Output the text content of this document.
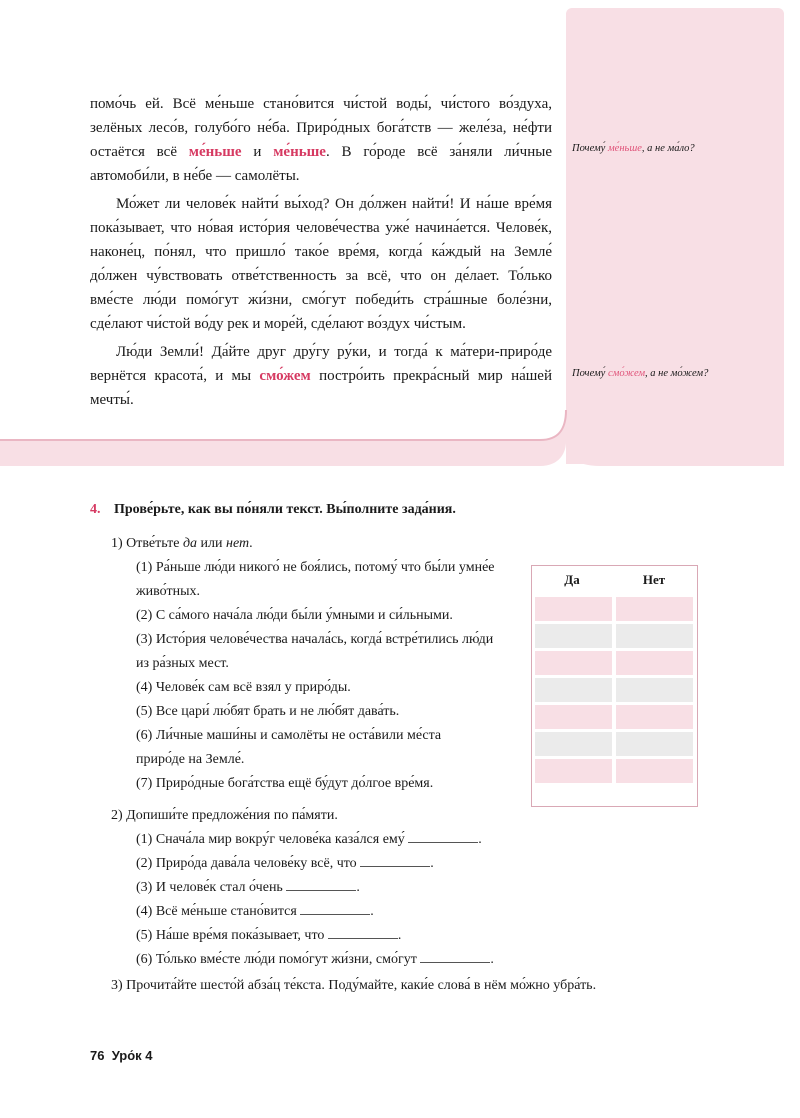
помо́чь ей. Всё ме́ньше стано́вится чи́стой воды́, чи́стого во́здуха, зелёных лесо́в, голубо́го не́ба. Приро́дных бога́тств — желе́за, не́фти остаётся всё ме́ньше и ме́ньше. В го́роде всё за́няли ли́чные автомоби́ли, в не́бе — самолёты.

Мо́жет ли челове́к найти́ вы́ход? Он до́лжен найти́! И на́ше вре́мя пока́зывает, что но́вая исто́рия челове́чества уже́ начина́ется. Челове́к, наконе́ц, по́нял, что пришло́ тако́е вре́мя, когда́ ка́ждый на Земле́ до́лжен чу́вствовать отве́тственность за всё, что он де́лает. То́лько вме́сте лю́ди помо́гут жи́зни, смо́гут победи́ть стра́шные боле́зни, сде́лают чи́стой во́ду рек и море́й, сде́лают во́здух чи́стым.

Лю́ди Земли́! Да́йте друг дру́гу ру́ки, и тогда́ к ма́тери-приро́де вернётся красота́, и мы смо́жем постро́ить прекра́сный мир на́шей мечты́.

Почему́ ме́ньше, а не ма́ло?
Почему́ смо́жем, а не мо́жем?
4. Прове́рьте, как вы по́няли текст. Вы́полните зада́ния.
1) Отве́тьте да или нет.
(1) Ра́ньше лю́ди никого́ не боя́лись, потому́ что бы́ли умне́е живо́тных.
(2) С са́мого нача́ла лю́ди бы́ли у́мными и си́льными.
(3) Исто́рия челове́чества начала́сь, когда́ встре́тились лю́ди из ра́зных мест.
(4) Челове́к сам всё взял у приро́ды.
(5) Все цари́ лю́бят брать и не лю́бят дава́ть.
(6) Ли́чные маши́ны и самолёты не оста́вили ме́ста приро́де на Земле́.
(7) Приро́дные бога́тства ещё бу́дут до́лгое вре́мя.
Да	Нет
2) Допиши́те предложе́ния по па́мяти.
(1) Снача́ла мир вокру́г челове́ка каза́лся ему́	.
(2) Приро́да дава́ла челове́ку всё, что	.
(3) И челове́к стал о́чень	.
(4) Всё ме́ньше стано́вится	.
(5) На́ше вре́мя пока́зывает, что	.
(6) То́лько вме́сте лю́ди помо́гут жи́зни, смо́гут	.
3) Прочита́йте шесто́й абза́ц те́кста. Поду́майте, каки́е слова́ в нём мо́жно убра́ть.
76 Уро́к 4
